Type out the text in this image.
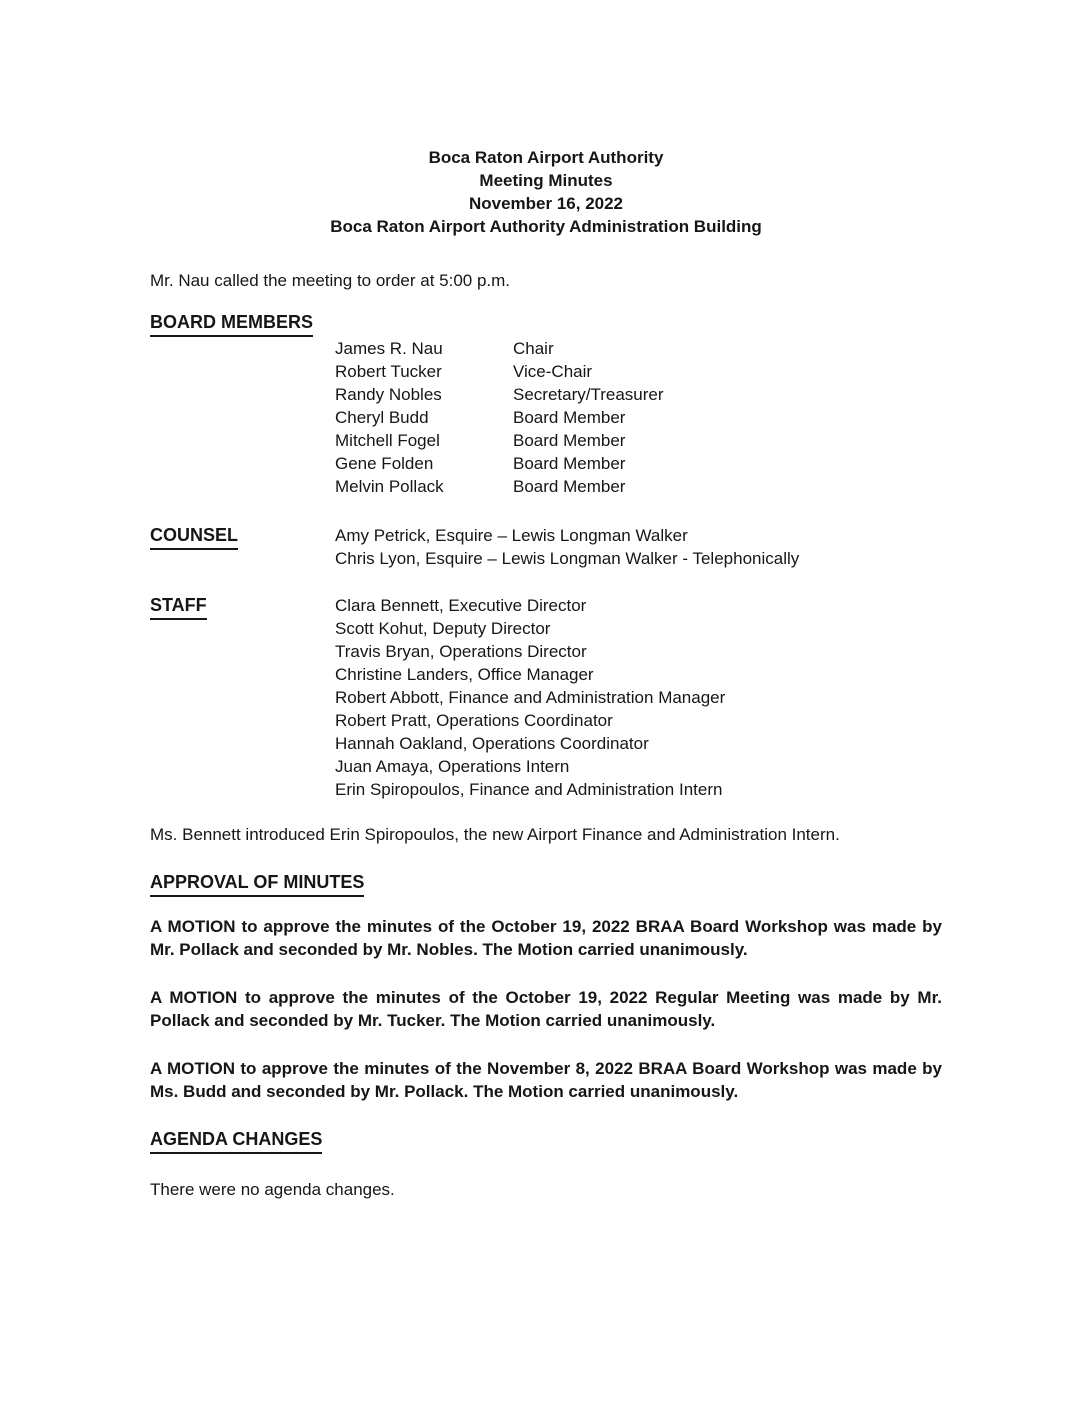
Boca Raton Airport Authority
Meeting Minutes
November 16, 2022
Boca Raton Airport Authority Administration Building

Mr. Nau called the meeting to order at 5:00 p.m.

BOARD MEMBERS
James R. Nau	Chair
Robert Tucker	Vice-Chair
Randy Nobles	Secretary/Treasurer
Cheryl Budd	Board Member
Mitchell Fogel	Board Member
Gene Folden	Board Member
Melvin Pollack	Board Member
COUNSEL	Amy Petrick, Esquire – Lewis Longman Walker
Chris Lyon, Esquire – Lewis Longman Walker - Telephonically
STAFF	Clara Bennett, Executive Director
Scott Kohut, Deputy Director
Travis Bryan, Operations Director
Christine Landers, Office Manager
Robert Abbott, Finance and Administration Manager
Robert Pratt, Operations Coordinator
Hannah Oakland, Operations Coordinator
Juan Amaya, Operations Intern
Erin Spiropoulos, Finance and Administration Intern

Ms. Bennett introduced Erin Spiropoulos, the new Airport Finance and Administration Intern.

APPROVAL OF MINUTES

A MOTION to approve the minutes of the October 19, 2022 BRAA Board Workshop was made by Mr. Pollack and seconded by Mr. Nobles. The Motion carried unanimously.

A MOTION to approve the minutes of the October 19, 2022 Regular Meeting was made by Mr. Pollack and seconded by Mr. Tucker. The Motion carried unanimously.

A MOTION to approve the minutes of the November 8, 2022 BRAA Board Workshop was made by Ms. Budd and seconded by Mr. Pollack. The Motion carried unanimously.

AGENDA CHANGES

There were no agenda changes.
